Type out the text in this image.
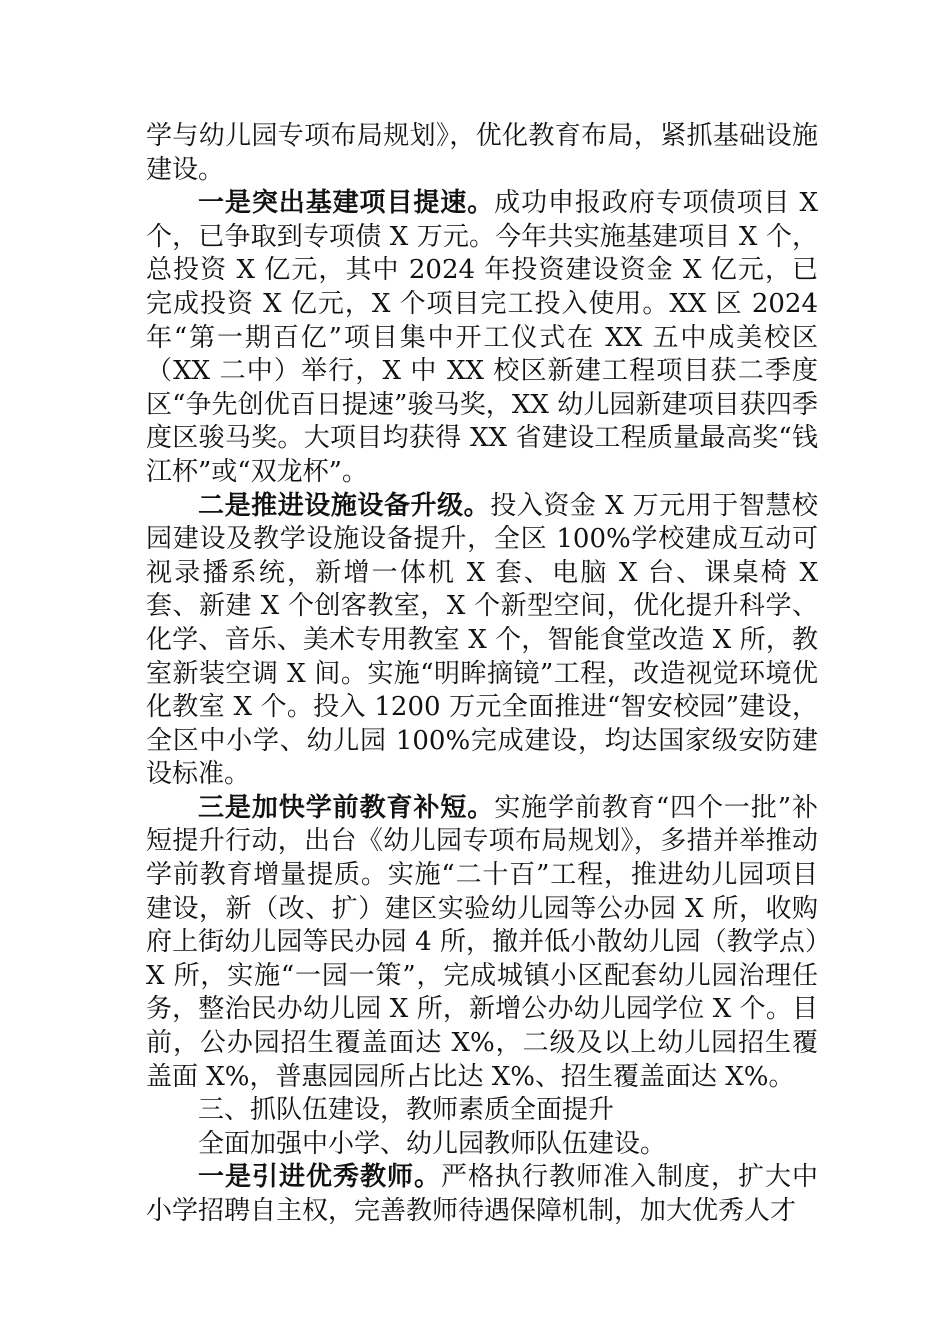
学与幼儿园专项布局规划》，优化教育布局，紧抓基础设施建设。

一是突出基建项目提速。成功申报政府专项债项目 X 个，已争取到专项债 X 万元。今年共实施基建项目 X 个，总投资 X 亿元，其中 2024 年投资建设资金 X 亿元，已完成投资 X 亿元，X 个项目完工投入使用。XX 区 2024 年“第一期百亿”项目集中开工仪式在 XX 五中成美校区（XX 二中）举行，X 中 XX 校区新建工程项目获二季度区“争先创优百日提速”骏马奖，XX 幼儿园新建项目获四季度区骏马奖。大项目均获得 XX 省建设工程质量最高奖“钱江杯”或“双龙杯”。

二是推进设施设备升级。投入资金 X 万元用于智慧校园建设及教学设施设备提升，全区 100%学校建成互动可视录播系统，新增一体机 X 套、电脑 X 台、课桌椅 X 套、新建 X 个创客教室，X 个新型空间，优化提升科学、化学、音乐、美术专用教室 X 个，智能食堂改造 X 所，教室新装空调 X 间。实施“明眸摘镜”工程，改造视觉环境优化教室 X 个。投入 1200 万元全面推进“智安校园”建设，全区中小学、幼儿园 100%完成建设，均达国家级安防建设标准。

三是加快学前教育补短。实施学前教育“四个一批”补短提升行动，出台《幼儿园专项布局规划》，多措并举推动学前教育增量提质。实施“二十百”工程，推进幼儿园项目建设，新（改、扩）建区实验幼儿园等公办园 X 所，收购府上街幼儿园等民办园 4 所，撤并低小散幼儿园（教学点）X 所，实施“一园一策”，完成城镇小区配套幼儿园治理任务，整治民办幼儿园 X 所，新增公办幼儿园学位 X 个。目前，公办园招生覆盖面达 X%，二级及以上幼儿园招生覆盖面 X%，普惠园园所占比达 X%、招生覆盖面达 X%。

三、抓队伍建设，教师素质全面提升

全面加强中小学、幼儿园教师队伍建设。

一是引进优秀教师。严格执行教师准入制度，扩大中小学招聘自主权，完善教师待遇保障机制，加大优秀人才
